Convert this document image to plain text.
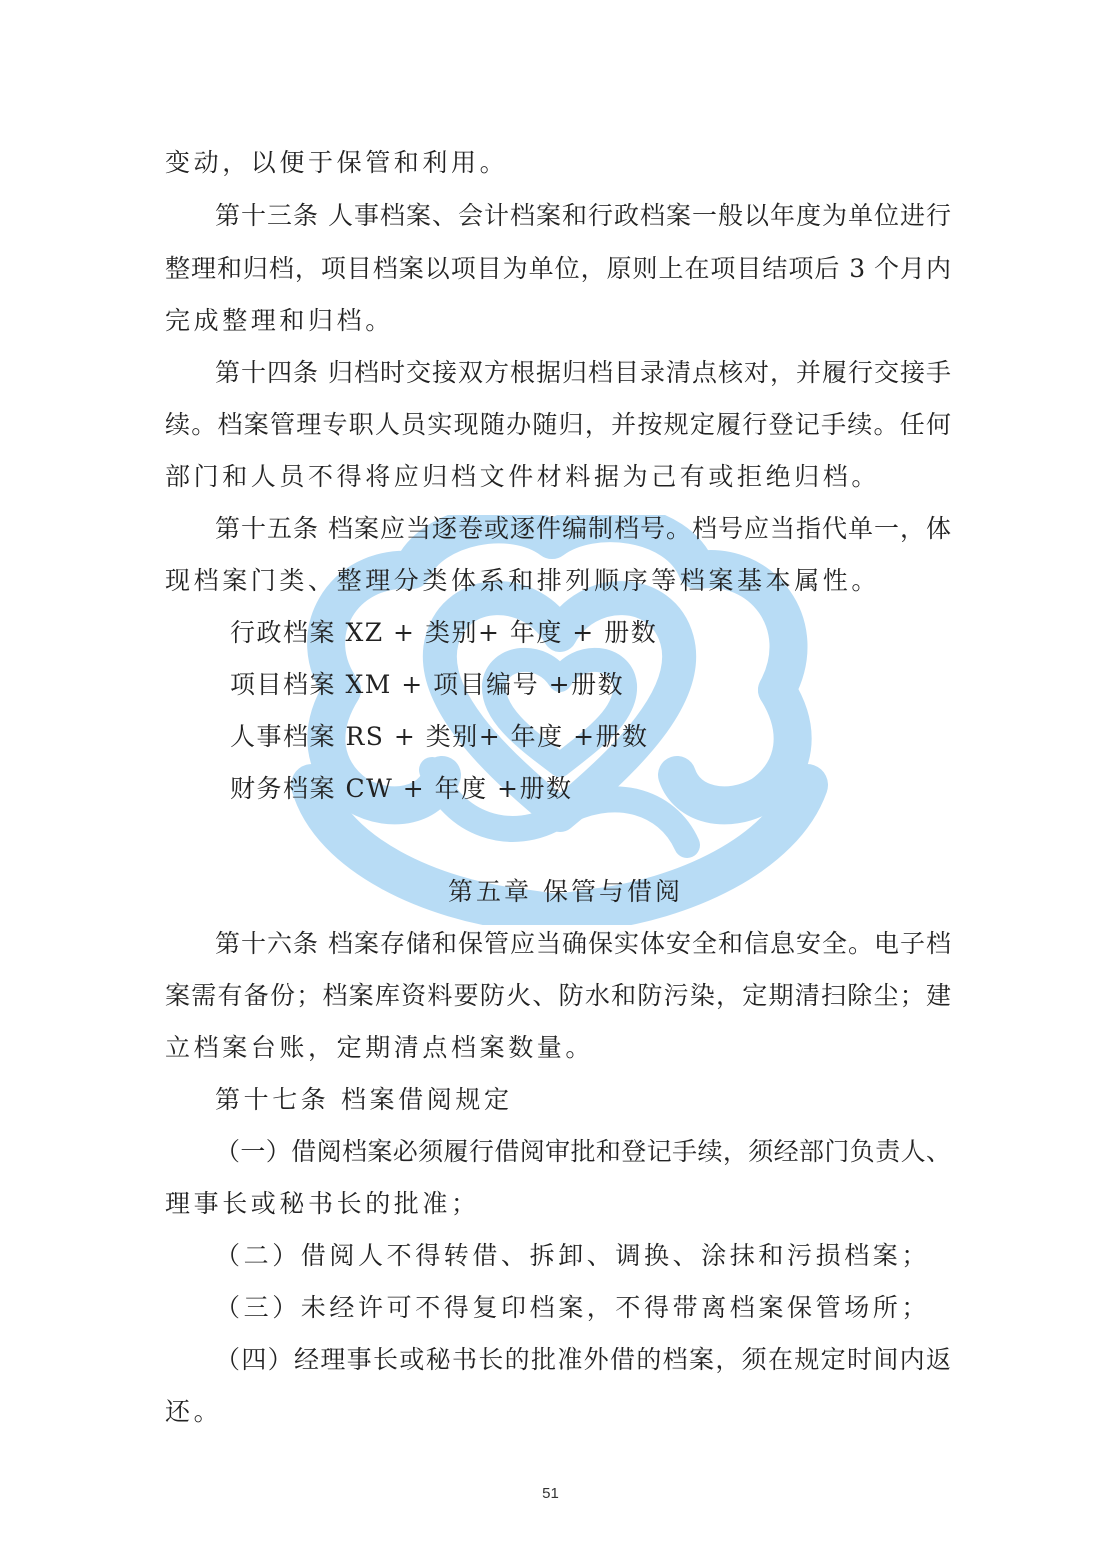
变动，以便于保管和利用。
第十三条 人事档案、会计档案和行政档案一般以年度为单位进行
整理和归档，项目档案以项目为单位，原则上在项目结项后 3 个月内
完成整理和归档。
第十四条 归档时交接双方根据归档目录清点核对，并履行交接手
续。档案管理专职人员实现随办随归，并按规定履行登记手续。任何
部门和人员不得将应归档文件材料据为己有或拒绝归档。
第十五条 档案应当逐卷或逐件编制档号。档号应当指代单一，体
现档案门类、整理分类体系和排列顺序等档案基本属性。
行政档案 XZ + 类别+ 年度 + 册数
项目档案 XM + 项目编号 +册数
人事档案 RS + 类别+ 年度 +册数
财务档案 CW + 年度 +册数
第五章 保管与借阅
第十六条 档案存储和保管应当确保实体安全和信息安全。电子档
案需有备份；档案库资料要防火、防水和防污染，定期清扫除尘；建
立档案台账，定期清点档案数量。
第十七条 档案借阅规定
（一）借阅档案必须履行借阅审批和登记手续，须经部门负责人、
理事长或秘书长的批准；
（二）借阅人不得转借、拆卸、调换、涂抹和污损档案；
（三）未经许可不得复印档案，不得带离档案保管场所；
（四）经理事长或秘书长的批准外借的档案，须在规定时间内返
还。
51
